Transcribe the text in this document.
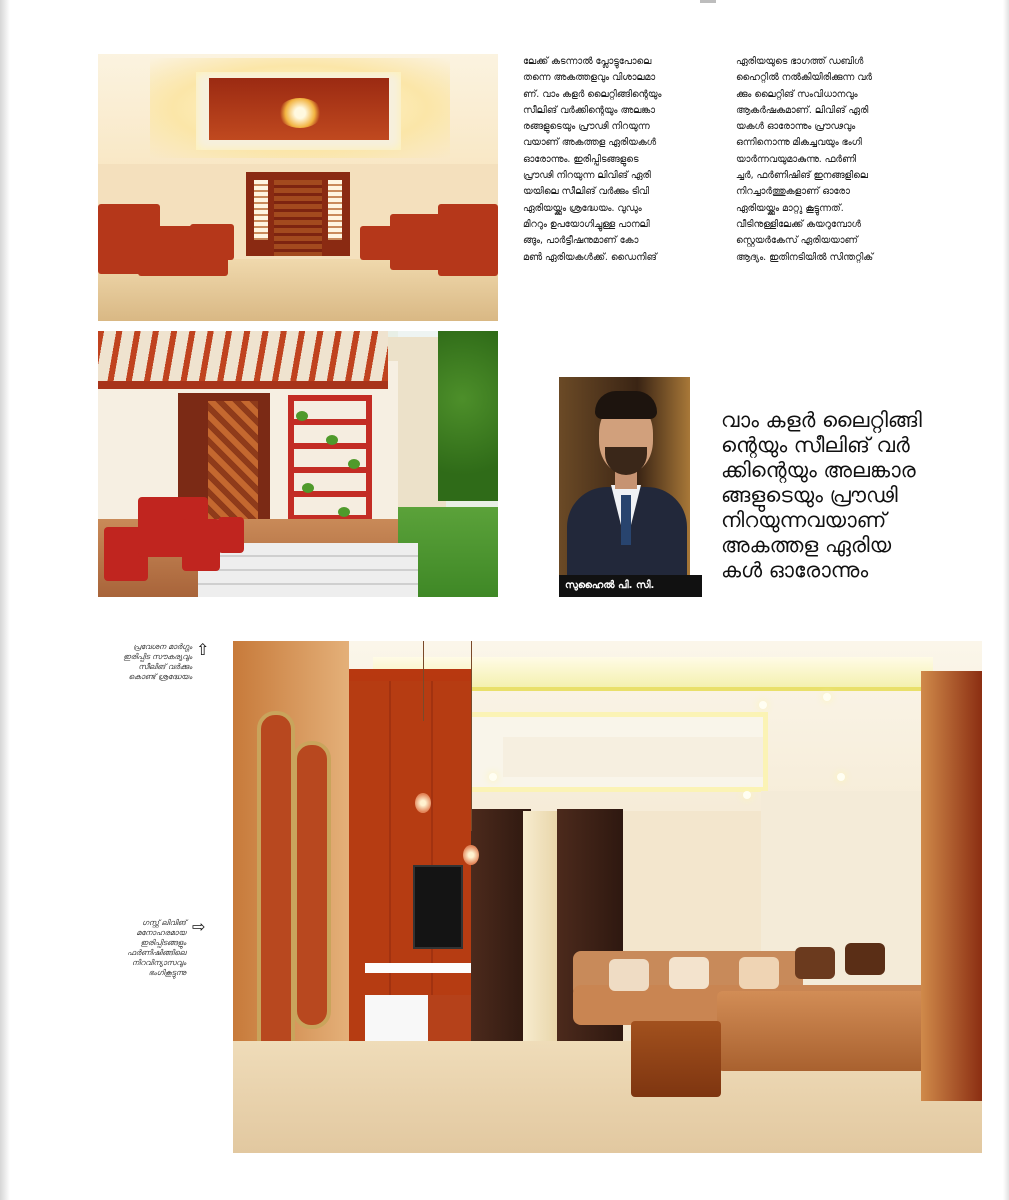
സുഹൈൽ പി. സി.
ലേക്ക് കടന്നാൽ പ്ലോട്ടുപോലെ
തന്നെ അകത്തളവും വിശാലമാ
ണ്. വാം കളർ ലൈറ്റിങ്ങിന്റെയും
സീലിങ് വർക്കിന്റെയും അലങ്കാ
രങ്ങളുടെയും പ്രൗഢി നിറയുന്ന
വയാണ് അകത്തള ഏരിയകൾ
ഓരോന്നും. ഇരിപ്പിടങ്ങളുടെ
പ്രൗഢി നിറയുന്ന ലിവിങ് ഏരി
യയിലെ സീലിങ് വർക്കും ടിവി
ഏരിയയ്ക്കും ശ്രദ്ധേയം. വുഡും
മിററും ഉപയോഗിച്ചുള്ള പാനലി
ങ്ങും, പാർട്ടീഷനുമാണ് കോ
മൺ ഏരിയകൾക്ക്. ഡൈനിങ്
ഏരിയയുടെ ഭാഗത്ത് ഡബിൾ
ഹൈറ്റിൽ നൽകിയിരിക്കുന്ന വർ
ക്കും ലൈറ്റിങ് സംവിധാനവും
ആകർഷകമാണ്. ലിവിങ് ഏരി
യകൾ ഓരോന്നും പ്രൗഢവും
ഒന്നിനൊന്നു മികച്ചവയും ഭംഗി
യാർന്നവയുമാകുന്നു. ഫർണി
ച്ചർ, ഫർണിഷിങ് ഇനങ്ങളിലെ
നിറച്ചാർത്തുകളാണ് ഓരോ
ഏരിയയ്ക്കും മാറ്റു കൂട്ടുന്നത്.
വീടിനുള്ളിലേക്ക് കയറുമ്പോൾ
സ്റ്റെയർകേസ് ഏരിയയാണ്
ആദ്യം. ഇതിനടിയിൽ സിന്തറ്റിക്
വാം കളർ ലൈറ്റിങ്ങി
ന്റെയും സീലിങ് വർ
ക്കിന്റെയും അലങ്കാര
ങ്ങളുടെയും പ്രൗഢി
നിറയുന്നവയാണ്
അകത്തള ഏരിയ
കൾ ഓരോന്നും
പ്രവേശന മാർഗ്ഗം
ഇരിപ്പിട സൗകര്യവും
സീലിങ് വർക്കും
കൊണ്ട് ശ്രദ്ധേയം
⇧
ഗസ്റ്റ് ലിവിങ്
മനോഹരമായ
ഇരിപ്പിടങ്ങളും
ഫർണിഷിങ്ങിലെ
നിറവിന്യാസവും
ഭംഗികൂട്ടുന്നു
⇨
